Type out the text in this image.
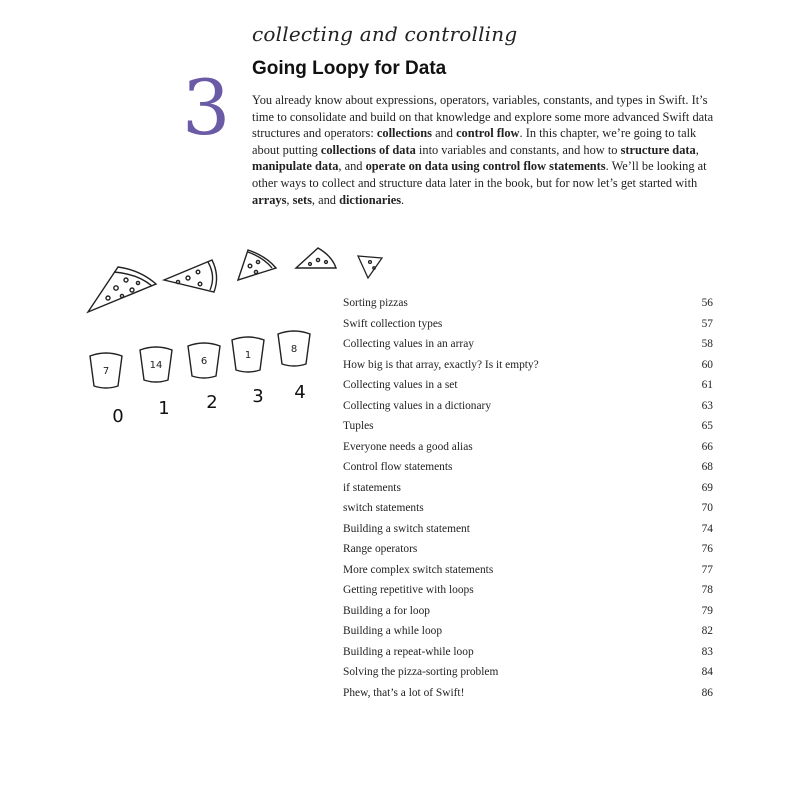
collecting and controlling
3 Going Loopy for Data

You already know about expressions, operators, variables, constants, and types in Swift. It’s time to consolidate and build on that knowledge and explore some more advanced Swift data structures and operators: collections and control flow. In this chapter, we’re going to talk about putting collections of data into variables and constants, and how to structure data, manipulate data, and operate on data using control flow statements. We’ll be looking at other ways to collect and structure data later in the book, but for now let’s get started with arrays, sets, and dictionaries.

7
14	6
1
8
0 1 2 3 4
Sorting pizzas	56
Swift collection types	57
Collecting values in an array	58
How big is that array, exactly? Is it empty?	60
Collecting values in a set	61
Collecting values in a dictionary	63
Tuples	65
Everyone needs a good alias	66
Control flow statements	68
if statements	69
switch statements	70
Building a switch statement	74
Range operators	76
More complex switch statements	77
Getting repetitive with loops	78
Building a for loop	79
Building a while loop	82
Building a repeat-while loop	83
Solving the pizza-sorting problem	84
Phew, that’s a lot of Swift!	86
